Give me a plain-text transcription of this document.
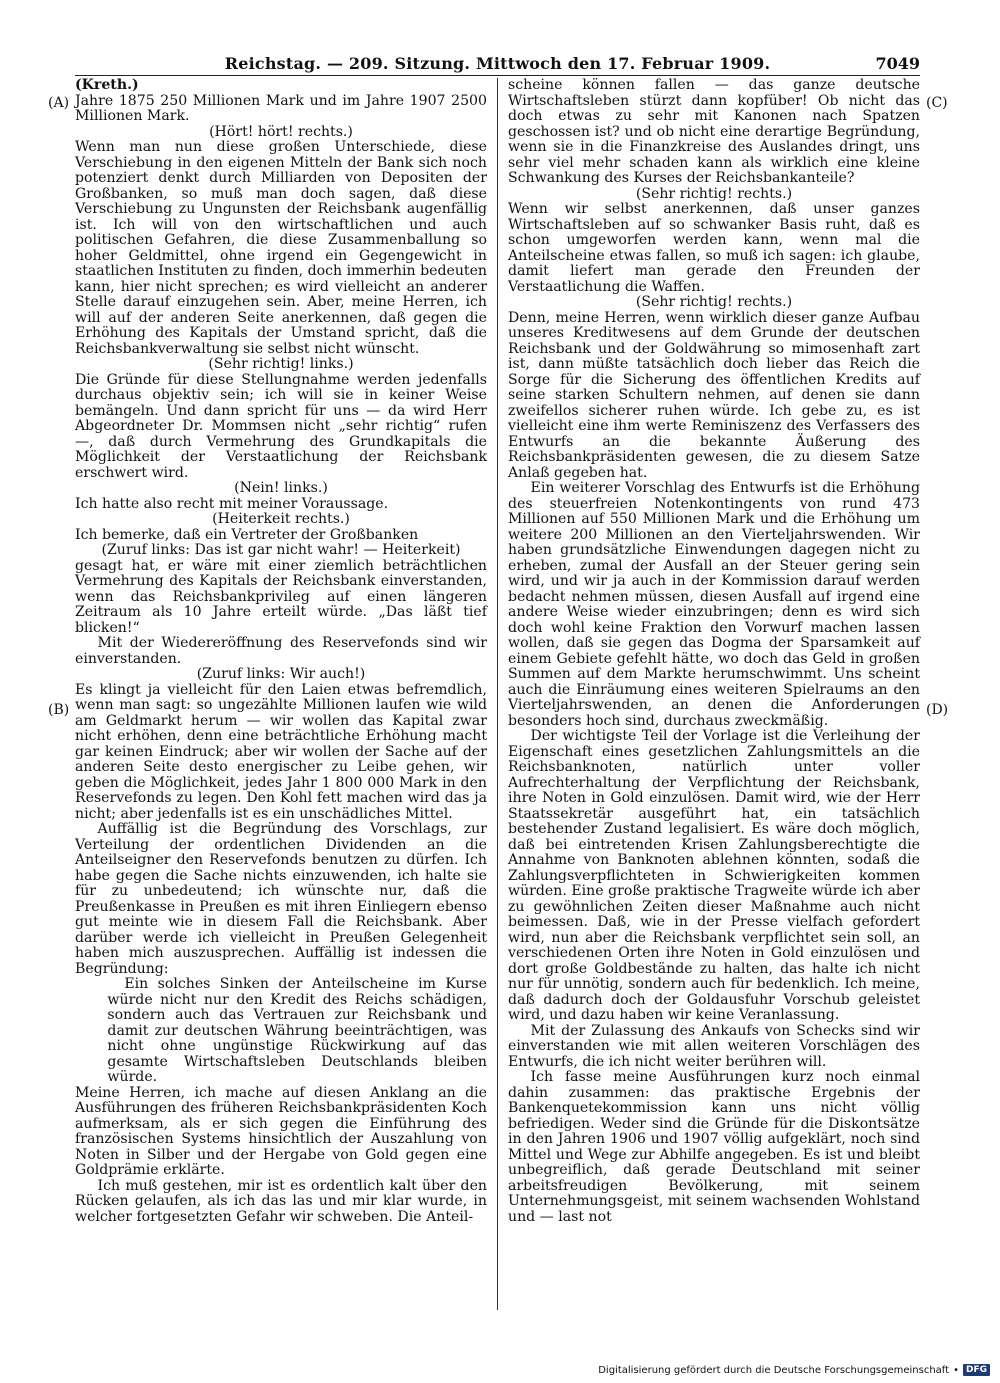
Reichstag. — 209. Sitzung. Mittwoch den 17. Februar 1909.	7049
(A)
(B)
(C)
(D)

(Kreth.)

Jahre 1875 250 Millionen Mark und im Jahre 1907 2500 Millionen Mark.

(Hört! hört! rechts.)

Wenn man nun diese großen Unterschiede, diese Verschiebung in den eigenen Mitteln der Bank sich noch potenziert denkt durch Milliarden von Depositen der Großbanken, so muß man doch sagen, daß diese Verschiebung zu Ungunsten der Reichsbank augenfällig ist. Ich will von den wirtschaftlichen und auch politischen Gefahren, die diese Zusammenballung so hoher Geldmittel, ohne irgend ein Gegengewicht in staatlichen Instituten zu finden, doch immerhin bedeuten kann, hier nicht sprechen; es wird vielleicht an anderer Stelle darauf einzugehen sein. Aber, meine Herren, ich will auf der anderen Seite anerkennen, daß gegen die Erhöhung des Kapitals der Umstand spricht, daß die Reichsbankverwaltung sie selbst nicht wünscht.

(Sehr richtig! links.)

Die Gründe für diese Stellungnahme werden jedenfalls durchaus objektiv sein; ich will sie in keiner Weise bemängeln. Und dann spricht für uns — da wird Herr Abgeordneter Dr. Mommsen nicht „sehr richtig“ rufen —, daß durch Vermehrung des Grundkapitals die Möglichkeit der Verstaatlichung der Reichsbank erschwert wird.

(Nein! links.)

Ich hatte also recht mit meiner Voraussage.

(Heiterkeit rechts.)

Ich bemerke, daß ein Vertreter der Großbanken

(Zuruf links: Das ist gar nicht wahr! — Heiterkeit)

gesagt hat, er wäre mit einer ziemlich beträchtlichen Vermehrung des Kapitals der Reichsbank einverstanden, wenn das Reichsbankprivileg auf einen längeren Zeitraum als 10 Jahre erteilt würde. „Das läßt tief blicken!“

Mit der Wiedereröffnung des Reservefonds sind wir einverstanden.

(Zuruf links: Wir auch!)

Es klingt ja vielleicht für den Laien etwas befremdlich, wenn man sagt: so ungezählte Millionen laufen wie wild am Geldmarkt herum — wir wollen das Kapital zwar nicht erhöhen, denn eine beträchtliche Erhöhung macht gar keinen Eindruck; aber wir wollen der Sache auf der anderen Seite desto energischer zu Leibe gehen, wir geben die Möglichkeit, jedes Jahr 1 800 000 Mark in den Reservefonds zu legen. Den Kohl fett machen wird das ja nicht; aber jedenfalls ist es ein unschädliches Mittel.

Auffällig ist die Begründung des Vorschlags, zur Verteilung der ordentlichen Dividenden an die Anteilseigner den Reservefonds benutzen zu dürfen. Ich habe gegen die Sache nichts einzuwenden, ich halte sie für zu unbedeutend; ich wünschte nur, daß die Preußenkasse in Preußen es mit ihren Einliegern ebenso gut meinte wie in diesem Fall die Reichsbank. Aber darüber werde ich vielleicht in Preußen Gelegenheit haben mich auszusprechen. Auffällig ist indessen die Begründung:

Ein solches Sinken der Anteilscheine im Kurse würde nicht nur den Kredit des Reichs schädigen, sondern auch das Vertrauen zur Reichsbank und damit zur deutschen Währung beeinträchtigen, was nicht ohne ungünstige Rückwirkung auf das gesamte Wirtschaftsleben Deutschlands bleiben würde.

Meine Herren, ich mache auf diesen Anklang an die Ausführungen des früheren Reichsbankpräsidenten Koch aufmerksam, als er sich gegen die Einführung des französischen Systems hinsichtlich der Auszahlung von Noten in Silber und der Hergabe von Gold gegen eine Goldprämie erklärte.

Ich muß gestehen, mir ist es ordentlich kalt über den Rücken gelaufen, als ich das las und mir klar wurde, in welcher fortgesetzten Gefahr wir schweben. Die Anteil-

scheine können fallen — das ganze deutsche Wirtschaftsleben stürzt dann kopfüber! Ob nicht das doch etwas zu sehr mit Kanonen nach Spatzen geschossen ist? und ob nicht eine derartige Begründung, wenn sie in die Finanzkreise des Auslandes dringt, uns sehr viel mehr schaden kann als wirklich eine kleine Schwankung des Kurses der Reichsbankanteile?

(Sehr richtig! rechts.)

Wenn wir selbst anerkennen, daß unser ganzes Wirtschaftsleben auf so schwanker Basis ruht, daß es schon umgeworfen werden kann, wenn mal die Anteilscheine etwas fallen, so muß ich sagen: ich glaube, damit liefert man gerade den Freunden der Verstaatlichung die Waffen.

(Sehr richtig! rechts.)

Denn, meine Herren, wenn wirklich dieser ganze Aufbau unseres Kreditwesens auf dem Grunde der deutschen Reichsbank und der Goldwährung so mimosenhaft zart ist, dann müßte tatsächlich doch lieber das Reich die Sorge für die Sicherung des öffentlichen Kredits auf seine starken Schultern nehmen, auf denen sie dann zweifellos sicherer ruhen würde. Ich gebe zu, es ist vielleicht eine ihm werte Reminiszenz des Verfassers des Entwurfs an die bekannte Äußerung des Reichsbankpräsidenten gewesen, die zu diesem Satze Anlaß gegeben hat.

Ein weiterer Vorschlag des Entwurfs ist die Erhöhung des steuerfreien Notenkontingents von rund 473 Millionen auf 550 Millionen Mark und die Erhöhung um weitere 200 Millionen an den Vierteljahrswenden. Wir haben grundsätzliche Einwendungen dagegen nicht zu erheben, zumal der Ausfall an der Steuer gering sein wird, und wir ja auch in der Kommission darauf werden bedacht nehmen müssen, diesen Ausfall auf irgend eine andere Weise wieder einzubringen; denn es wird sich doch wohl keine Fraktion den Vorwurf machen lassen wollen, daß sie gegen das Dogma der Sparsamkeit auf einem Gebiete gefehlt hätte, wo doch das Geld in großen Summen auf dem Markte herumschwimmt. Uns scheint auch die Einräumung eines weiteren Spielraums an den Vierteljahrswenden, an denen die Anforderungen besonders hoch sind, durchaus zweckmäßig.

Der wichtigste Teil der Vorlage ist die Verleihung der Eigenschaft eines gesetzlichen Zahlungsmittels an die Reichsbanknoten, natürlich unter voller Aufrechterhaltung der Verpflichtung der Reichsbank, ihre Noten in Gold einzulösen. Damit wird, wie der Herr Staatssekretär ausgeführt hat, ein tatsächlich bestehender Zustand legalisiert. Es wäre doch möglich, daß bei eintretenden Krisen Zahlungsberechtigte die Annahme von Banknoten ablehnen könnten, sodaß die Zahlungsverpflichteten in Schwierigkeiten kommen würden. Eine große praktische Tragweite würde ich aber zu gewöhnlichen Zeiten dieser Maßnahme auch nicht beimessen. Daß, wie in der Presse vielfach gefordert wird, nun aber die Reichsbank verpflichtet sein soll, an verschiedenen Orten ihre Noten in Gold einzulösen und dort große Goldbestände zu halten, das halte ich nicht nur für unnötig, sondern auch für bedenklich. Ich meine, daß dadurch doch der Goldausfuhr Vorschub geleistet wird, und dazu haben wir keine Veranlassung.

Mit der Zulassung des Ankaufs von Schecks sind wir einverstanden wie mit allen weiteren Vorschlägen des Entwurfs, die ich nicht weiter berühren will.

Ich fasse meine Ausführungen kurz noch einmal dahin zusammen: das praktische Ergebnis der Bankenquetekommission kann uns nicht völlig befriedigen. Weder sind die Gründe für die Diskontsätze in den Jahren 1906 und 1907 völlig aufgeklärt, noch sind Mittel und Wege zur Abhilfe angegeben. Es ist und bleibt unbegreiflich, daß gerade Deutschland mit seiner arbeitsfreudigen Bevölkerung, mit seinem Unternehmungsgeist, mit seinem wachsenden Wohlstand und — last not

Digitalisierung gefördert durch die Deutsche Forschungsgemeinschaft • DFG
